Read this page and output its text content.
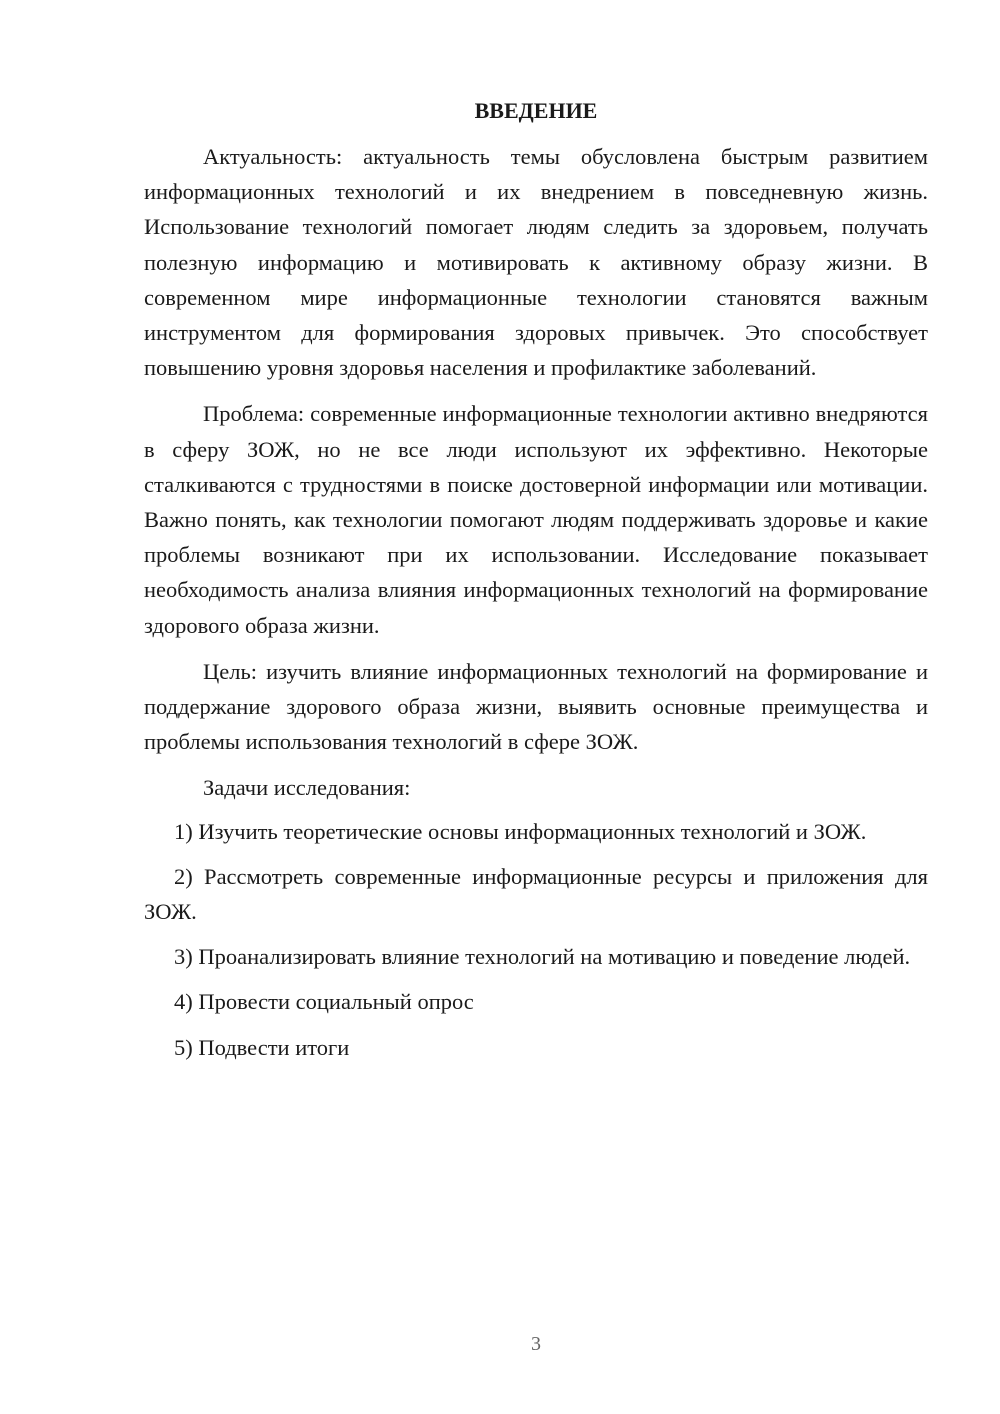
ВВЕДЕНИЕ

Актуальность: актуальность темы обусловлена быстрым развитием информационных технологий и их внедрением в повседневную жизнь. Использование технологий помогает людям следить за здоровьем, получать полезную информацию и мотивировать к активному образу жизни. В современном мире информационные технологии становятся важным инструментом для формирования здоровых привычек. Это способствует повышению уровня здоровья населения и профилактике заболеваний.

Проблема: современные информационные технологии активно внедряются в сферу ЗОЖ, но не все люди используют их эффективно. Некоторые сталкиваются с трудностями в поиске достоверной информации или мотивации. Важно понять, как технологии помогают людям поддерживать здоровье и какие проблемы возникают при их использовании. Исследование показывает необходимость анализа влияния информационных технологий на формирование здорового образа жизни.

Цель: изучить влияние информационных технологий на формирование и поддержание здорового образа жизни, выявить основные преимущества и проблемы использования технологий в сфере ЗОЖ.

Задачи исследования:

1) Изучить теоретические основы информационных технологий и ЗОЖ.

2) Рассмотреть современные информационные ресурсы и приложения для ЗОЖ.

3) Проанализировать влияние технологий на мотивацию и поведение людей.

4) Провести социальный опрос

5) Подвести итоги

3
